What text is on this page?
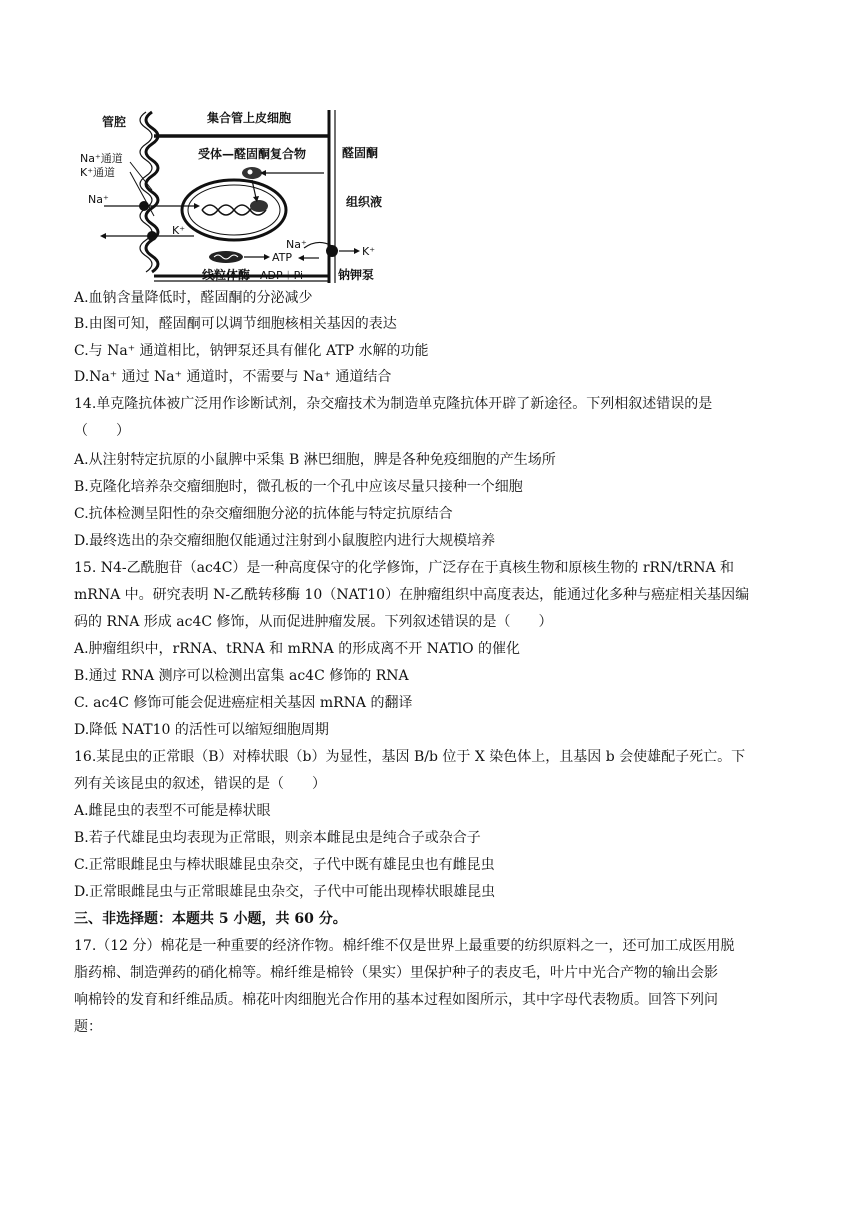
管腔	集合管上皮细胞
Na⁺通道
K⁺通道
受体—醛固酮复合物	醛固酮
组织液
Na⁺
K⁺
ATP
线粒体酶 ADP＋Pi
Na⁺
K⁺
钠钾泵
A.血钠含量降低时，醛固酮的分泌减少
B.由图可知，醛固酮可以调节细胞核相关基因的表达
C.与 Na⁺ 通道相比，钠钾泵还具有催化 ATP 水解的功能
D.Na⁺ 通过 Na⁺ 通道时，不需要与 Na⁺ 通道结合
14.单克隆抗体被广泛用作诊断试剂，杂交瘤技术为制造单克隆抗体开辟了新途径。下列相叙述错误的是
（　　）
A.从注射特定抗原的小鼠脾中采集 B 淋巴细胞，脾是各种免疫细胞的产生场所
B.克隆化培养杂交瘤细胞时，微孔板的一个孔中应该尽量只接种一个细胞
C.抗体检测呈阳性的杂交瘤细胞分泌的抗体能与特定抗原结合
D.最终选出的杂交瘤细胞仅能通过注射到小鼠腹腔内进行大规模培养
15. N4-乙酰胞苷（ac4C）是一种高度保守的化学修饰，广泛存在于真核生物和原核生物的 rRN/tRNA 和
mRNA 中。研究表明 N-乙酰转移酶 10（NAT10）在肿瘤组织中高度表达，能通过化多种与癌症相关基因编
码的 RNA 形成 ac4C 修饰，从而促进肿瘤发展。下列叙述错误的是（　　）
A.肿瘤组织中，rRNA、tRNA 和 mRNA 的形成离不开 NATlO 的催化
B.通过 RNA 测序可以检测出富集 ac4C 修饰的 RNA
C. ac4C 修饰可能会促进癌症相关基因 mRNA 的翻译
D.降低 NAT10 的活性可以缩短细胞周期
16.某昆虫的正常眼（B）对棒状眼（b）为显性，基因 B/b 位于 X 染色体上，且基因 b 会使雄配子死亡。下
列有关该昆虫的叙述，错误的是（　　）
A.雌昆虫的表型不可能是棒状眼
B.若子代雄昆虫均表现为正常眼，则亲本雌昆虫是纯合子或杂合子
C.正常眼雌昆虫与棒状眼雄昆虫杂交，子代中既有雄昆虫也有雌昆虫
D.正常眼雌昆虫与正常眼雄昆虫杂交，子代中可能出现棒状眼雄昆虫
三、非选择题：本题共 5 小题，共 60 分。
17.（12 分）棉花是一种重要的经济作物。棉纤维不仅是世界上最重要的纺织原料之一，还可加工成医用脱
脂药棉、制造弹药的硝化棉等。棉纤维是棉铃（果实）里保护种子的表皮毛，叶片中光合产物的输出会影
响棉铃的发育和纤维品质。棉花叶肉细胞光合作用的基本过程如图所示，其中字母代表物质。回答下列问
题：
